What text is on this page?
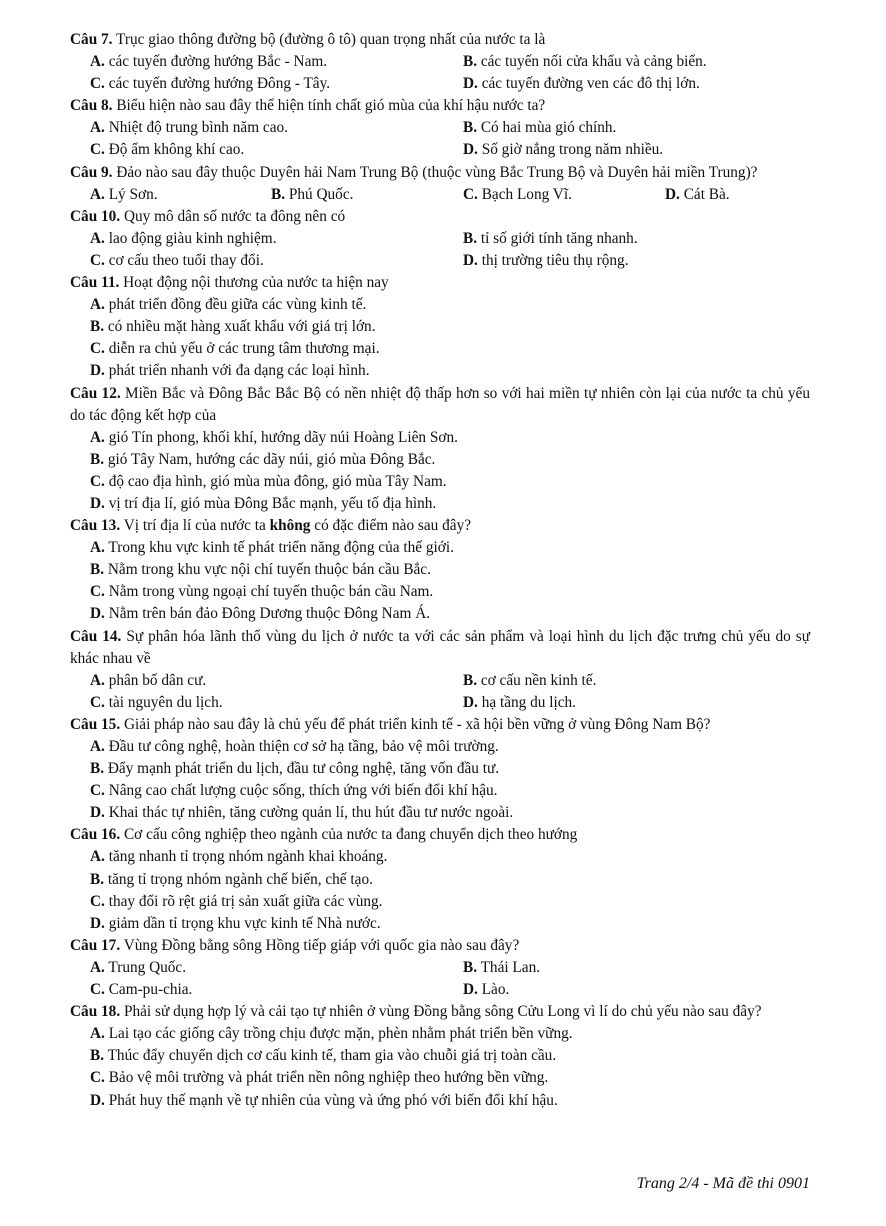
Câu 7. Trục giao thông đường bộ (đường ô tô) quan trọng nhất của nước ta là
A. các tuyến đường hướng Bắc - Nam.	B. các tuyến nối cửa khẩu và cảng biển.
C. các tuyến đường hướng Đông - Tây.	D. các tuyến đường ven các đô thị lớn.
Câu 8. Biểu hiện nào sau đây thể hiện tính chất gió mùa của khí hậu nước ta?
A. Nhiệt độ trung bình năm cao.	B. Có hai mùa gió chính.
C. Độ ẩm không khí cao.	D. Số giờ nắng trong năm nhiều.
Câu 9. Đảo nào sau đây thuộc Duyên hải Nam Trung Bộ (thuộc vùng Bắc Trung Bộ và Duyên hải miền Trung)?
A. Lý Sơn.	B. Phú Quốc.	C. Bạch Long Vĩ.	D. Cát Bà.
Câu 10. Quy mô dân số nước ta đông nên có
A. lao động giàu kinh nghiệm.	B. tỉ số giới tính tăng nhanh.
C. cơ cấu theo tuổi thay đổi.	D. thị trường tiêu thụ rộng.
Câu 11. Hoạt động nội thương của nước ta hiện nay
A. phát triển đồng đều giữa các vùng kinh tế.
B. có nhiều mặt hàng xuất khẩu với giá trị lớn.
C. diễn ra chủ yếu ở các trung tâm thương mại.
D. phát triển nhanh với đa dạng các loại hình.
Câu 12. Miền Bắc và Đông Bắc Bắc Bộ có nền nhiệt độ thấp hơn so với hai miền tự nhiên còn lại của nước ta chủ yếu do tác động kết hợp của
A. gió Tín phong, khối khí, hướng dãy núi Hoàng Liên Sơn.
B. gió Tây Nam, hướng các dãy núi, gió mùa Đông Bắc.
C. độ cao địa hình, gió mùa mùa đông, gió mùa Tây Nam.
D. vị trí địa lí, gió mùa Đông Bắc mạnh, yếu tố địa hình.
Câu 13. Vị trí địa lí của nước ta không có đặc điểm nào sau đây?
A. Trong khu vực kinh tế phát triển năng động của thế giới.
B. Nằm trong khu vực nội chí tuyến thuộc bán cầu Bắc.
C. Nằm trong vùng ngoại chí tuyến thuộc bán cầu Nam.
D. Nằm trên bán đảo Đông Dương thuộc Đông Nam Á.
Câu 14. Sự phân hóa lãnh thổ vùng du lịch ở nước ta với các sản phẩm và loại hình du lịch đặc trưng chủ yếu do sự khác nhau về
A. phân bố dân cư.	B. cơ cấu nền kinh tế.
C. tài nguyên du lịch.	D. hạ tầng du lịch.
Câu 15. Giải pháp nào sau đây là chủ yếu để phát triển kinh tế - xã hội bền vững ở vùng Đông Nam Bộ?
A. Đầu tư công nghệ, hoàn thiện cơ sở hạ tầng, bảo vệ môi trường.
B. Đẩy mạnh phát triển du lịch, đầu tư công nghệ, tăng vốn đầu tư.
C. Nâng cao chất lượng cuộc sống, thích ứng với biến đổi khí hậu.
D. Khai thác tự nhiên, tăng cường quản lí, thu hút đầu tư nước ngoài.
Câu 16. Cơ cấu công nghiệp theo ngành của nước ta đang chuyển dịch theo hướng
A. tăng nhanh tỉ trọng nhóm ngành khai khoáng.
B. tăng tỉ trọng nhóm ngành chế biến, chế tạo.
C. thay đổi rõ rệt giá trị sản xuất giữa các vùng.
D. giảm dần tỉ trọng khu vực kinh tế Nhà nước.
Câu 17. Vùng Đồng bằng sông Hồng tiếp giáp với quốc gia nào sau đây?
A. Trung Quốc.	B. Thái Lan.
C. Cam-pu-chia.	D. Lào.
Câu 18. Phải sử dụng hợp lý và cải tạo tự nhiên ở vùng Đồng bằng sông Cửu Long vì lí do chủ yếu nào sau đây?
A. Lai tạo các giống cây trồng chịu được mặn, phèn nhằm phát triển bền vững.
B. Thúc đẩy chuyển dịch cơ cấu kinh tế, tham gia vào chuỗi giá trị toàn cầu.
C. Bảo vệ môi trường và phát triển nền nông nghiệp theo hướng bền vững.
D. Phát huy thế mạnh về tự nhiên của vùng và ứng phó với biến đổi khí hậu.
Trang 2/4 - Mã đề thi 0901
